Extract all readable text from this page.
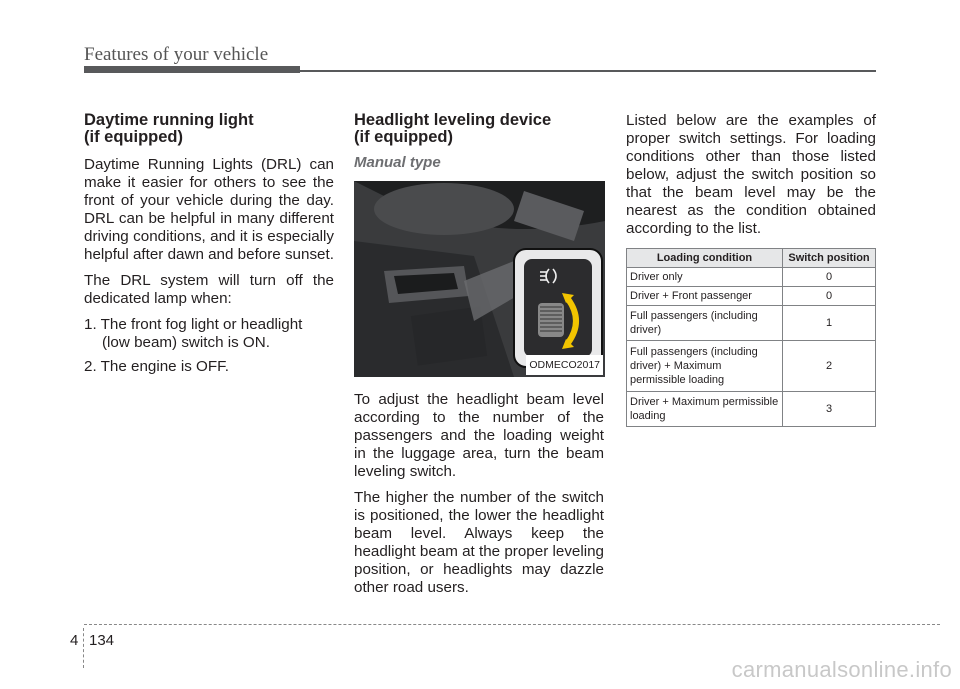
Features of your vehicle
Daytime running light
(if equipped)

Daytime Running Lights (DRL) can make it easier for others to see the front of your vehicle during the day. DRL can be helpful in many different driving conditions, and it is especially helpful after dawn and before sunset.

The DRL system will turn off the dedicated lamp when:

1. The front fog light or headlight (low beam) switch is ON.
2. The engine is OFF.
Headlight leveling device
(if equipped)
Manual type
ODMECO2017

To adjust the headlight beam level according to the number of the passengers and the loading weight in the luggage area, turn the beam leveling switch.

The higher the number of the switch is positioned, the lower the headlight beam level. Always keep the headlight beam at the proper leveling position, or headlights may dazzle other road users.

Listed below are the examples of proper switch settings. For loading conditions other than those listed below, adjust the switch position so that the beam level may be the nearest as the condition obtained according to the list.

Loading condition	Switch position
Driver only	0
Driver + Front passenger	0
Full passengers (including driver)	1
Full passengers (including driver) + Maximum permissible loading	2
Driver + Maximum permissible loading	3
4 134
carmanualsonline.info
